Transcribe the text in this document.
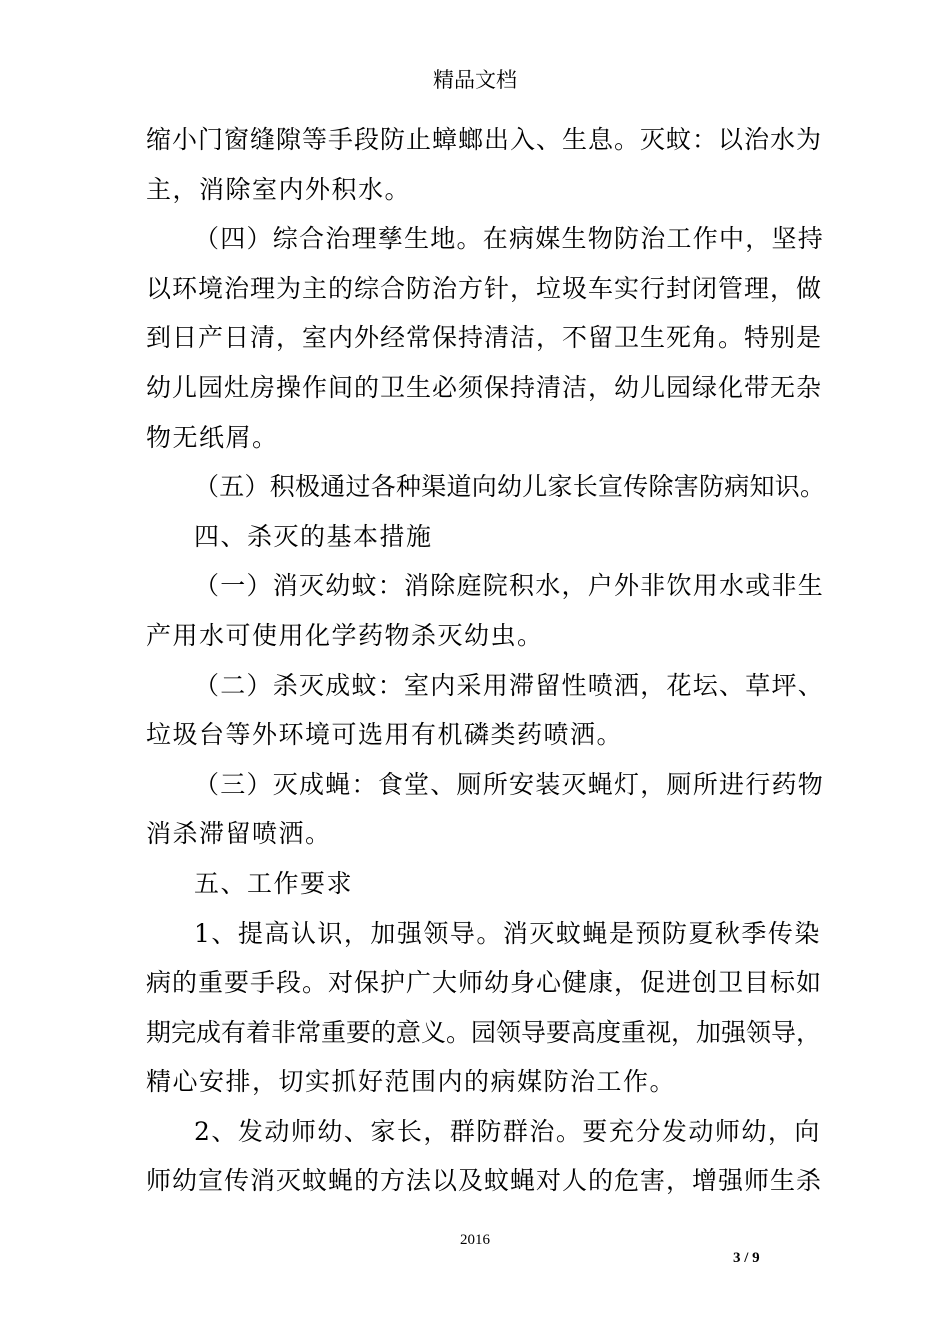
精品文档
缩小门窗缝隙等手段防止蟑螂出入、生息。灭蚊：以治水为
主，消除室内外积水。
（四）综合治理孳生地。在病媒生物防治工作中，坚持
以环境治理为主的综合防治方针，垃圾车实行封闭管理，做
到日产日清，室内外经常保持清洁，不留卫生死角。特别是
幼儿园灶房操作间的卫生必须保持清洁，幼儿园绿化带无杂
物无纸屑。
（五）积极通过各种渠道向幼儿家长宣传除害防病知识。
四、杀灭的基本措施
（一）消灭幼蚊：消除庭院积水，户外非饮用水或非生
产用水可使用化学药物杀灭幼虫。
（二）杀灭成蚊：室内采用滞留性喷洒，花坛、草坪、
垃圾台等外环境可选用有机磷类药喷洒。
（三）灭成蝇：食堂、厕所安装灭蝇灯，厕所进行药物
消杀滞留喷洒。
五、工作要求
1、提高认识，加强领导。消灭蚊蝇是预防夏秋季传染
病的重要手段。对保护广大师幼身心健康，促进创卫目标如
期完成有着非常重要的意义。园领导要高度重视，加强领导，
精心安排，切实抓好范围内的病媒防治工作。
2、发动师幼、家长，群防群治。要充分发动师幼，向
师幼宣传消灭蚊蝇的方法以及蚊蝇对人的危害，增强师生杀
2016
3 / 9
